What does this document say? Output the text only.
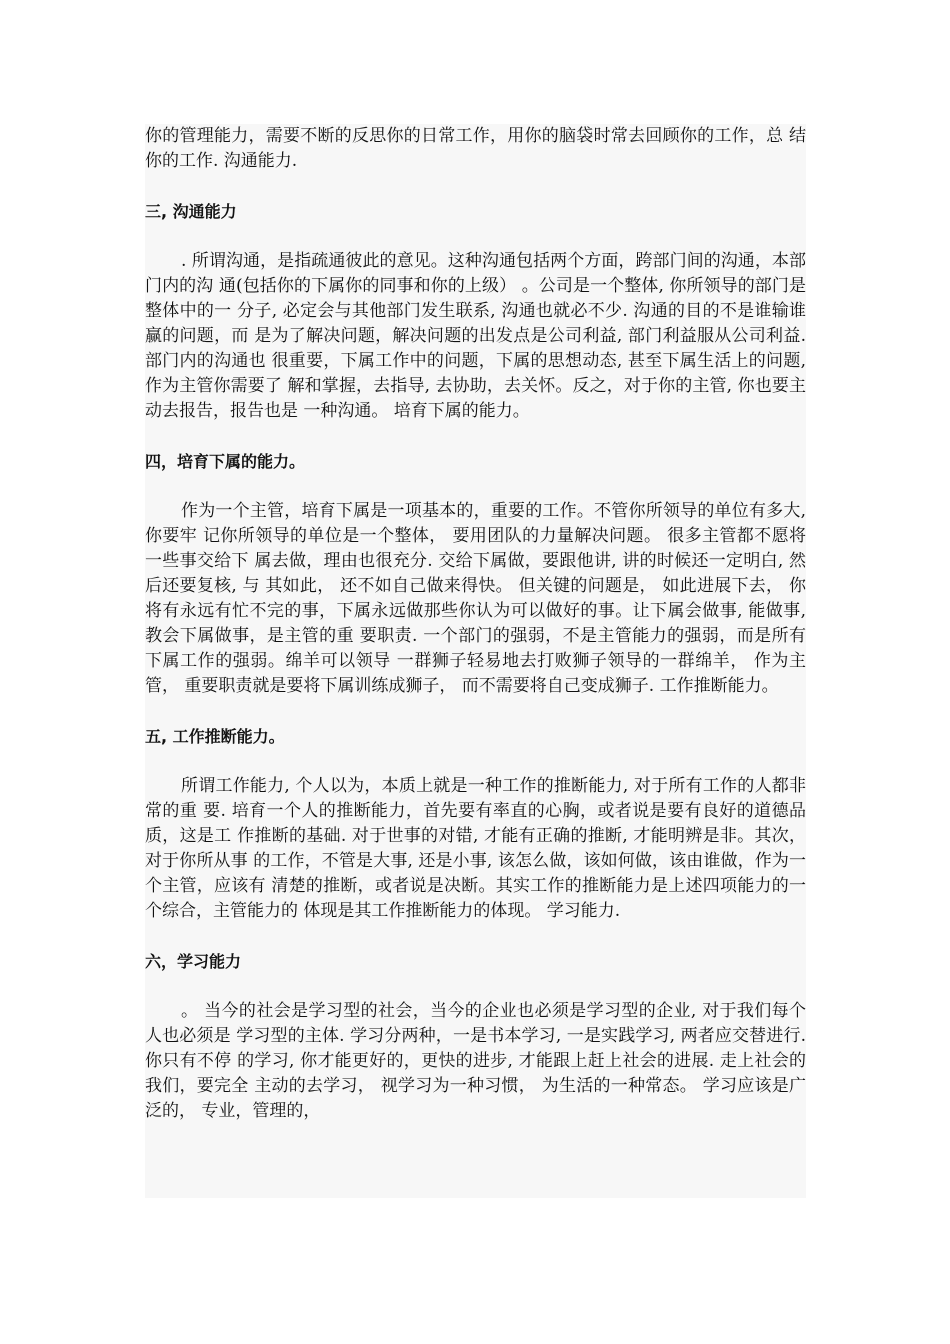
你的管理能力，需要不断的反思你的日常工作，用你的脑袋时常去回顾你的工作，总 结你的工作. 沟通能力.

三, 沟通能力

. 所谓沟通，是指疏通彼此的意见。这种沟通包括两个方面，跨部门间的沟通，本部门内的沟 通(包括你的下属你的同事和你的上级） 。公司是一个整体, 你所领导的部门是整体中的一 分子, 必定会与其他部门发生联系, 沟通也就必不少. 沟通的目的不是谁输谁赢的问题，而 是为了解决问题，解决问题的出发点是公司利益, 部门利益服从公司利益. 部门内的沟通也 很重要，下属工作中的问题，下属的思想动态, 甚至下属生活上的问题, 作为主管你需要了 解和掌握，去指导, 去协助，去关怀。反之，对于你的主管, 你也要主动去报告，报告也是 一种沟通。 培育下属的能力。

四，培育下属的能力。

作为一个主管，培育下属是一项基本的，重要的工作。不管你所领导的单位有多大, 你要牢 记你所领导的单位是一个整体， 要用团队的力量解决问题。 很多主管都不愿将一些事交给下 属去做，理由也很充分. 交给下属做，要跟他讲, 讲的时候还一定明白, 然后还要复核, 与 其如此， 还不如自己做来得快。 但关键的问题是， 如此进展下去， 你将有永远有忙不完的事，下属永远做那些你认为可以做好的事。让下属会做事, 能做事, 教会下属做事，是主管的重 要职责. 一个部门的强弱，不是主管能力的强弱，而是所有下属工作的强弱。绵羊可以领导 一群狮子轻易地去打败狮子领导的一群绵羊， 作为主管， 重要职责就是要将下属训练成狮子， 而不需要将自己变成狮子. 工作推断能力。

五, 工作推断能力。

所谓工作能力, 个人以为，本质上就是一种工作的推断能力, 对于所有工作的人都非常的重 要. 培育一个人的推断能力，首先要有率直的心胸，或者说是要有良好的道德品质，这是工 作推断的基础. 对于世事的对错, 才能有正确的推断, 才能明辨是非。其次，对于你所从事 的工作，不管是大事, 还是小事, 该怎么做，该如何做，该由谁做，作为一个主管，应该有 清楚的推断，或者说是决断。其实工作的推断能力是上述四项能力的一个综合，主管能力的 体现是其工作推断能力的体现。 学习能力.

六，学习能力

。 当今的社会是学习型的社会，当今的企业也必须是学习型的企业, 对于我们每个人也必须是 学习型的主体. 学习分两种，一是书本学习, 一是实践学习, 两者应交替进行. 你只有不停 的学习, 你才能更好的，更快的进步, 才能跟上赶上社会的进展. 走上社会的我们，要完全 主动的去学习， 视学习为一种习惯， 为生活的一种常态。 学习应该是广泛的， 专业，管理的，
